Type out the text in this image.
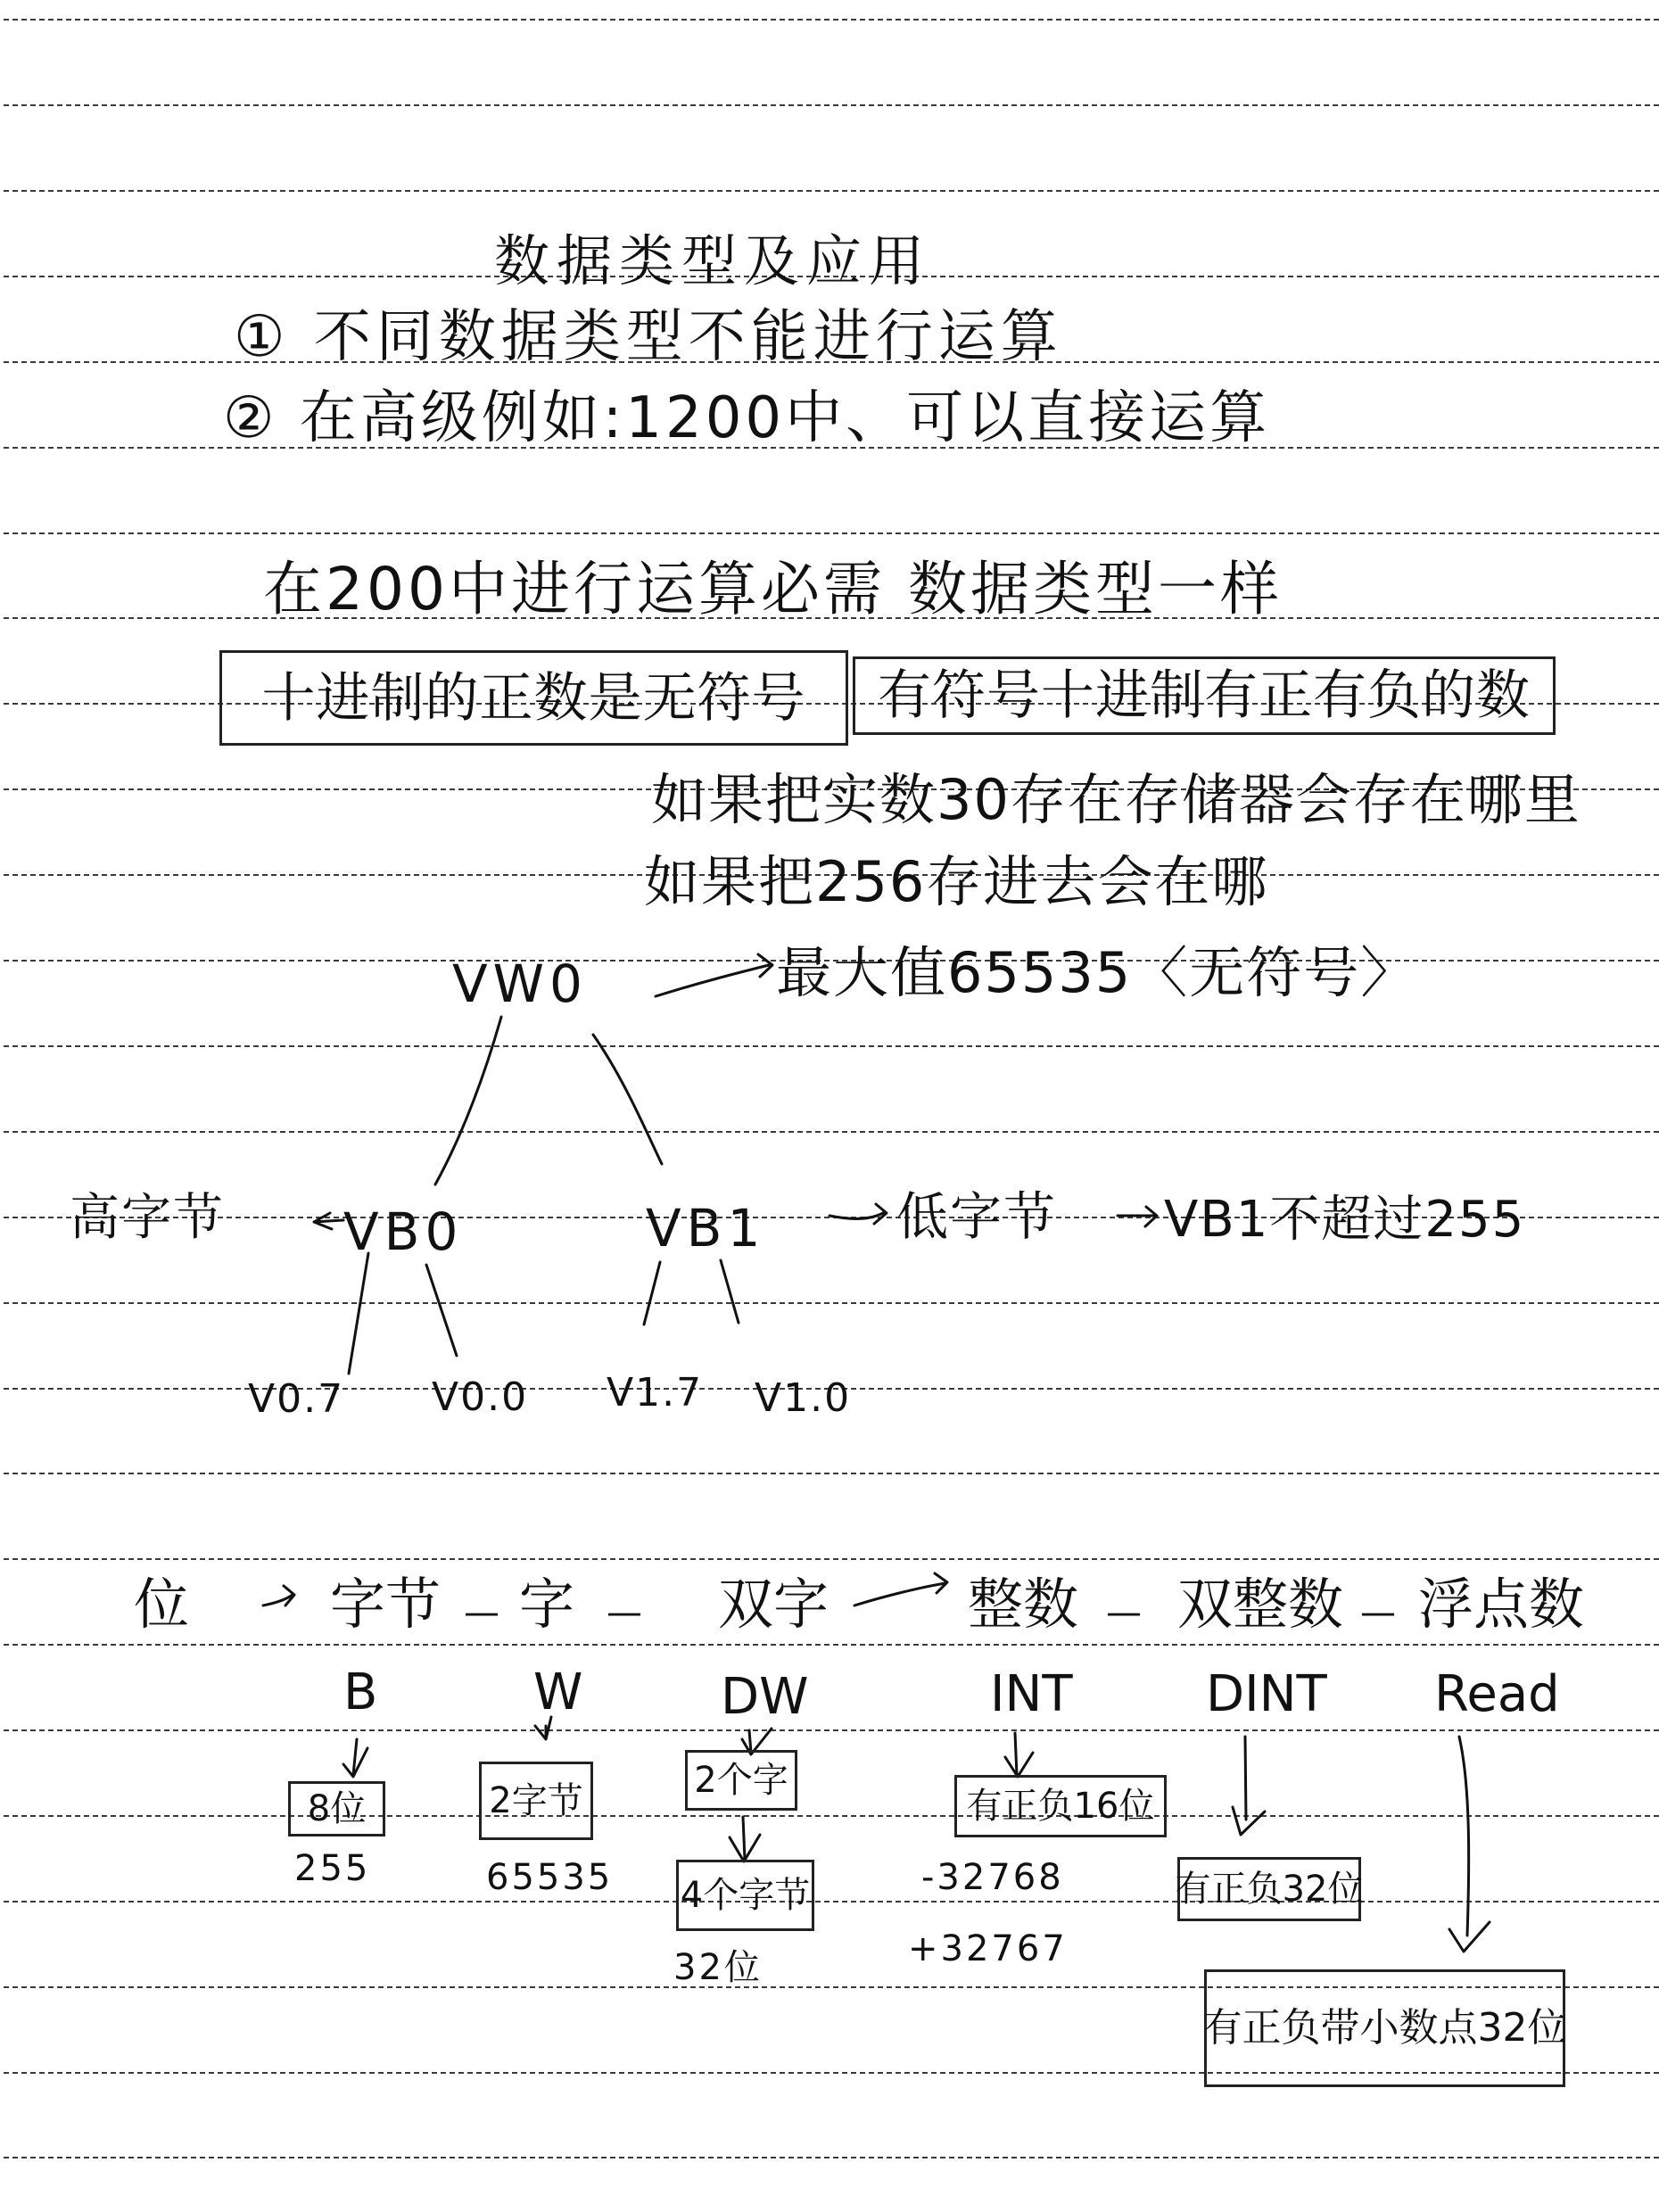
数据类型及应用
① 不同数据类型不能进行运算
② 在高级例如:1200中、可以直接运算
在200中进行运算必需 数据类型一样
十进制的正数是无符号 有符号十进制有正有负的数
如果把实数30存在存储器会存在哪里
如果把256存进去会在哪
VW0	最大值65535〈无符号〉
高字节 VB0	VB1	低字节 VB1不超过255
V0.7 V0.0 V1.7 V1.0
位	字节 — 字 — 双字	整数 — 双整数 — 浮点数
B	W	DW	INT	DINT Read
8位
255
2字节
65535
2个字
4个字节
32位
有正负16位
-32768
+32767
有正负32位
有正负带小数点32位
